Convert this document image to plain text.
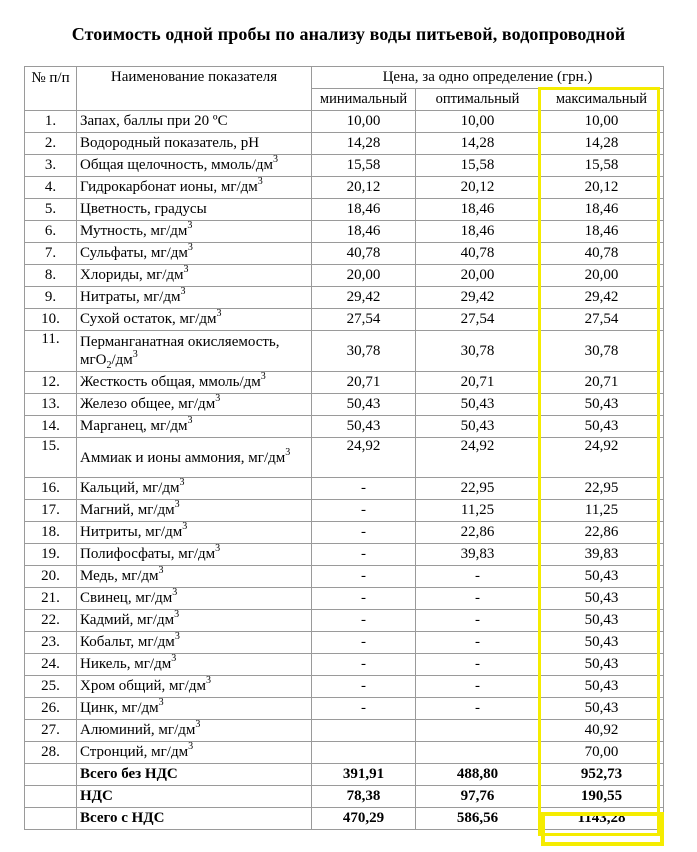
Стоимость одной пробы по анализу воды питьевой, водопроводной
№ п/п	Наименование показателя	Цена, за одно определение (грн.)		
		минимальный	оптимальный	максимальный
1.	Запах, баллы при 20 ºС	10,00	10,00	10,00
2.	Водородный показатель, pH	14,28	14,28	14,28
3.	Общая щелочность, ммоль/$дм^3$	15,58	15,58	15,58
4.	Гидрокарбонат ионы, $мг/дм^3$	20,12	20,12	20,12
5.	Цветность, градусы	18,46	18,46	18,46
6.	Мутность, $мг/дм^3$	18,46	18,46	18,46
7.	Сульфаты, $мг/дм^3$	40,78	40,78	40,78
8.	Хлориды, $мг/дм^3$	20,00	20,00	20,00
9.	Нитраты, $мг/дм^3$	29,42	29,42	29,42
10.	Сухой остаток, $мг/дм^3$	27,54	27,54	27,54
11.	Перманганатная окисляемость, $мгО_2/дм^3$	30,78	30,78	30,78
12.	Жесткость общая, ммоль/$дм^3$	20,71	20,71	20,71
13.	Железо общее, $мг/дм^3$	50,43	50,43	50,43
14.	Марганец, $мг/дм^3$	50,43	50,43	50,43
15.	Аммиак и ионы аммония, $мг/дм^3$	24,92	24,92	24,92
16.	Кальций, $мг/дм^3$	-	22,95	22,95
17.	Магний, $мг/дм^3$	-	11,25	11,25
18.	Нитриты, $мг/дм^3$	-	22,86	22,86
19.	Полифосфаты, $мг/дм^3$	-	39,83	39,83
20.	Медь, $мг/дм^3$	-	-	50,43
21.	Свинец, $мг/дм^3$	-	-	50,43
22.	Кадмий, $мг/дм^3$	-	-	50,43
23.	Кобальт, $мг/дм^3$	-	-	50,43
24.	Никель, $мг/дм^3$	-	-	50,43
25.	Хром общий, $мг/дм^3$	-	-	50,43
26.	Цинк, $мг/дм^3$	-	-	50,43
27.	Алюминий, $мг/дм^3$			40,92
28.	Стронций, $мг/дм^3$			70,00
	Всего без НДС	391,91	488,80	952,73
	НДС	78,38	97,76	190,55
	Всего с НДС	470,29	586,56	1143,28
